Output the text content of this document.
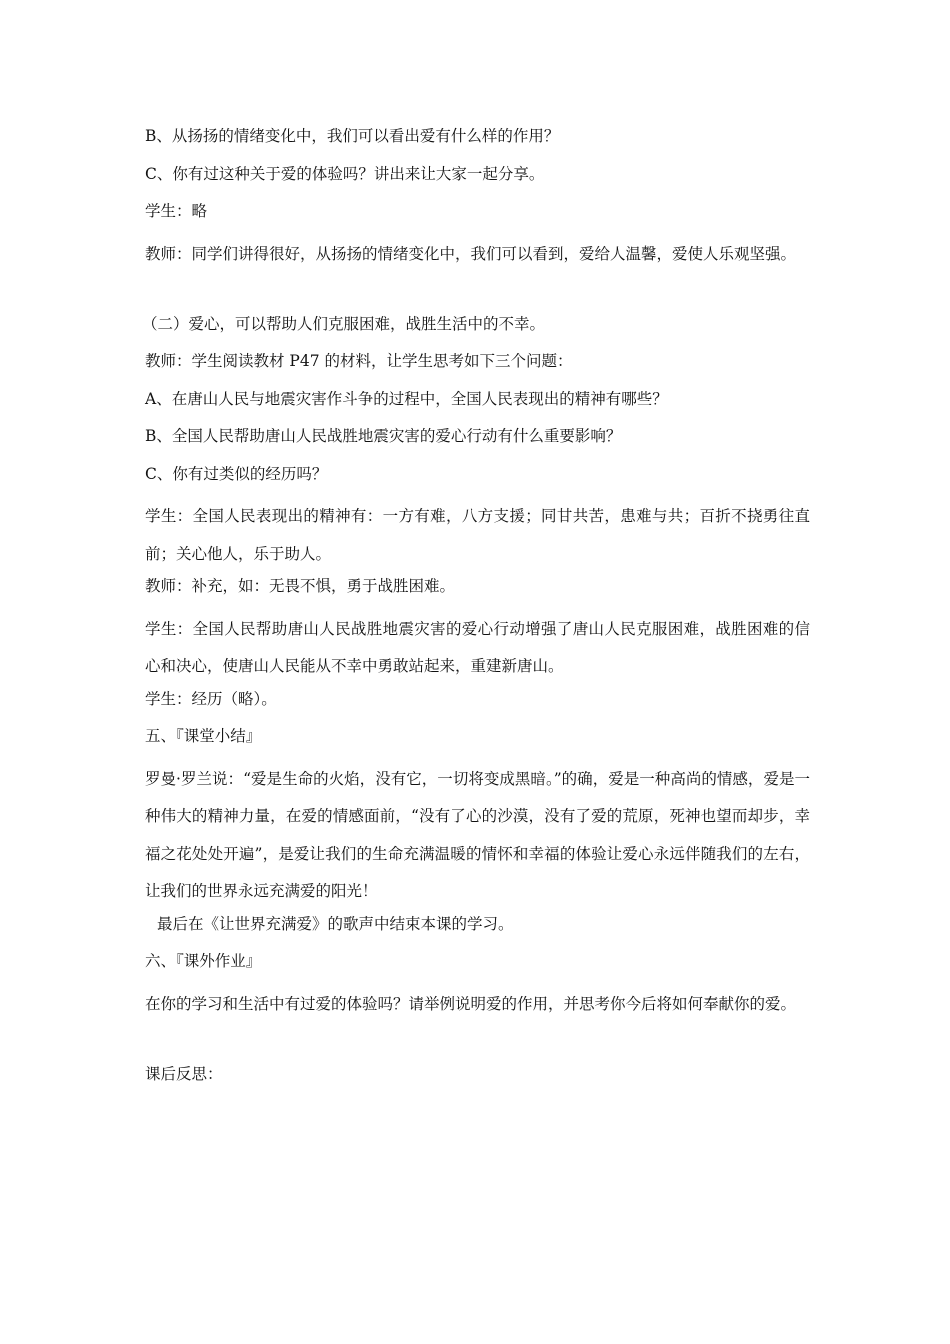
B、从扬扬的情绪变化中，我们可以看出爱有什么样的作用？
C、你有过这种关于爱的体验吗？讲出来让大家一起分享。
学生：略
教师：同学们讲得很好，从扬扬的情绪变化中，我们可以看到，爱给人温馨，爱使人乐观坚强。
（二）爱心，可以帮助人们克服困难，战胜生活中的不幸。
教师：学生阅读教材 P47 的材料，让学生思考如下三个问题：
A、在唐山人民与地震灾害作斗争的过程中，全国人民表现出的精神有哪些？
B、全国人民帮助唐山人民战胜地震灾害的爱心行动有什么重要影响？
C、你有过类似的经历吗？
学生：全国人民表现出的精神有：一方有难，八方支援；同甘共苦，患难与共；百折不挠勇往直前；关心他人，乐于助人。
教师：补充，如：无畏不惧，勇于战胜困难。
学生：全国人民帮助唐山人民战胜地震灾害的爱心行动增强了唐山人民克服困难，战胜困难的信心和决心，使唐山人民能从不幸中勇敢站起来，重建新唐山。
学生：经历（略）。
五、『课堂小结』
罗曼·罗兰说：“爱是生命的火焰，没有它，一切将变成黑暗。”的确，爱是一种高尚的情感，爱是一种伟大的精神力量，在爱的情感面前，“没有了心的沙漠，没有了爱的荒原，死神也望而却步，幸福之花处处开遍”，是爱让我们的生命充满温暖的情怀和幸福的体验让爱心永远伴随我们的左右，让我们的世界永远充满爱的阳光！
最后在《让世界充满爱》的歌声中结束本课的学习。
六、『课外作业』
在你的学习和生活中有过爱的体验吗？请举例说明爱的作用，并思考你今后将如何奉献你的爱。
课后反思：
